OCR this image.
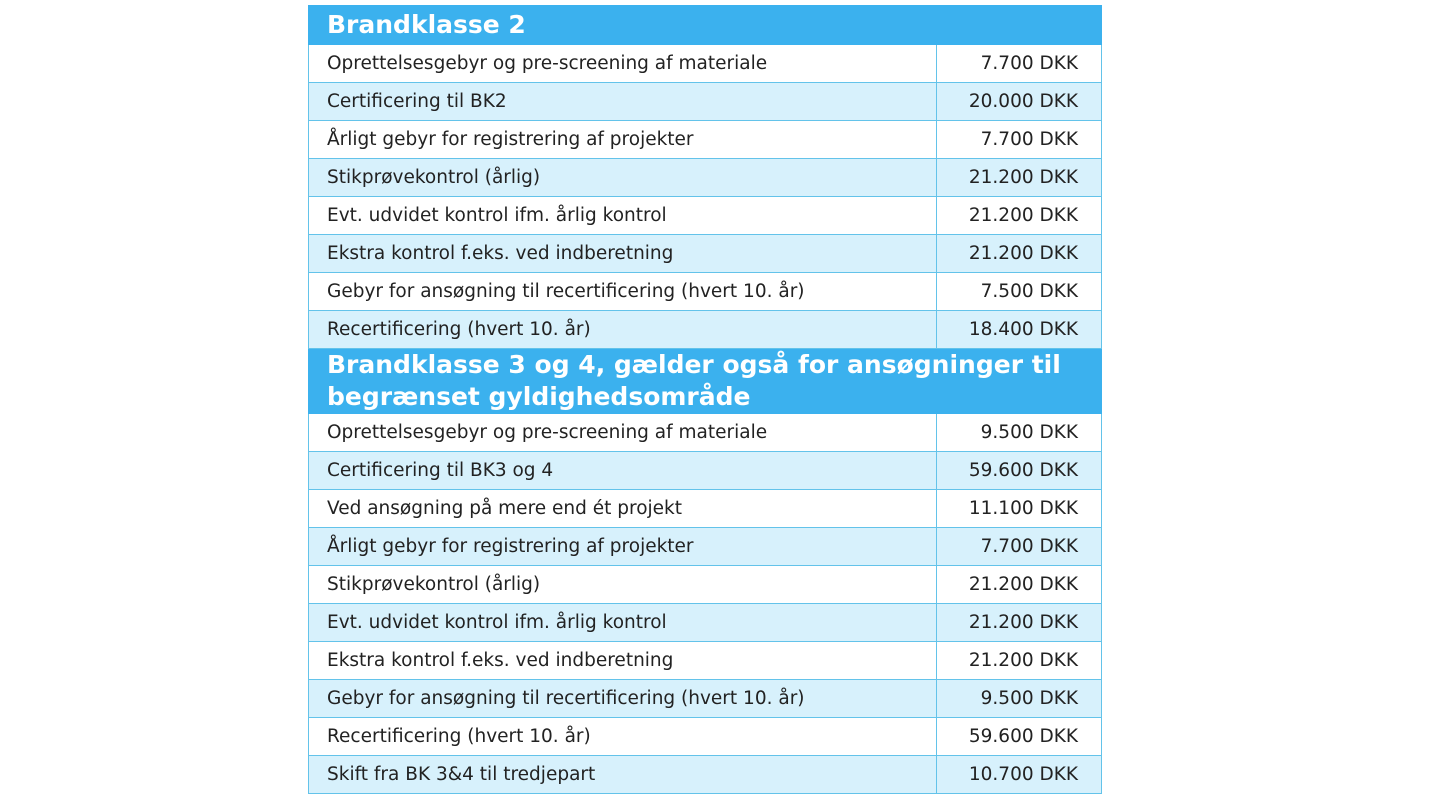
Brandklasse 2	
Oprettelsesgebyr og pre-screening af materiale	7.700 DKK
Certificering til BK2	20.000 DKK
Årligt gebyr for registrering af projekter	7.700 DKK
Stikprøvekontrol (årlig)	21.200 DKK
Evt. udvidet kontrol ifm. årlig kontrol	21.200 DKK
Ekstra kontrol f.eks. ved indberetning	21.200 DKK
Gebyr for ansøgning til recertificering (hvert 10. år)	7.500 DKK
Recertificering (hvert 10. år)	18.400 DKK
Brandklasse 3 og 4, gælder også for ansøgninger til begrænset gyldighedsområde	
Oprettelsesgebyr og pre-screening af materiale	9.500 DKK
Certificering til BK3 og 4	59.600 DKK
Ved ansøgning på mere end ét projekt	11.100 DKK
Årligt gebyr for registrering af projekter	7.700 DKK
Stikprøvekontrol (årlig)	21.200 DKK
Evt. udvidet kontrol ifm. årlig kontrol	21.200 DKK
Ekstra kontrol f.eks. ved indberetning	21.200 DKK
Gebyr for ansøgning til recertificering (hvert 10. år)	9.500 DKK
Recertificering (hvert 10. år)	59.600 DKK
Skift fra BK 3&4 til tredjepart	10.700 DKK
